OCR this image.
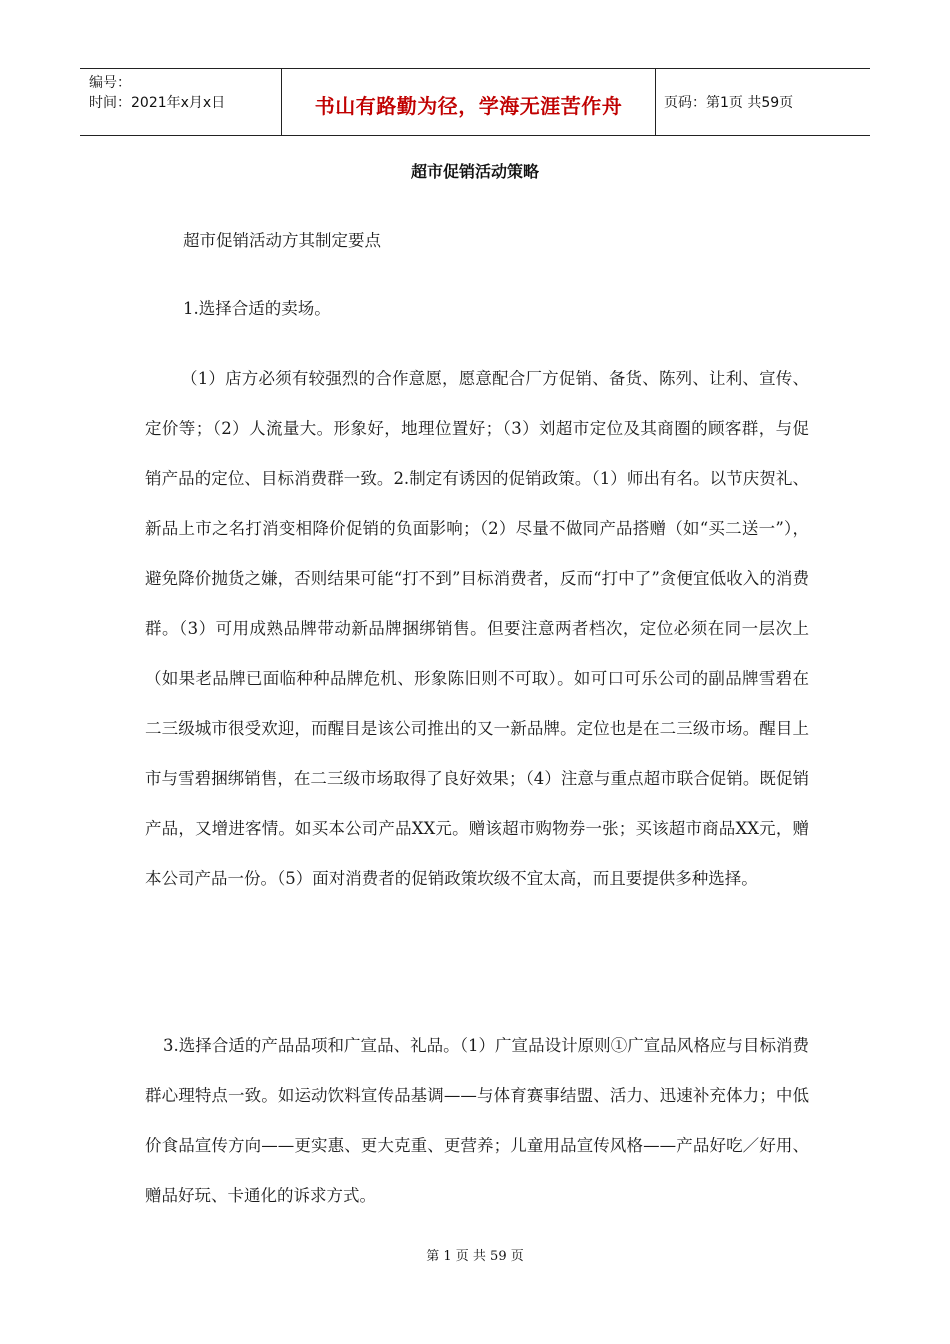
编号：
时间：2021年x月x日	书山有路勤为径，学海无涯苦作舟	页码：第1页 共59页
超市促销活动策略

超市促销活动方其制定要点

1.选择合适的卖场。

（1）店方必须有较强烈的合作意愿，愿意配合厂方促销、备货、陈列、让利、宣传、定价等；（2）人流量大。形象好，地理位置好；（3）刘超市定位及其商圈的顾客群，与促销产品的定位、目标消费群一致。2.制定有诱因的促销政策。（1）师出有名。以节庆贺礼、新品上市之名打消变相降价促销的负面影响；（2）尽量不做同产品搭赠（如“买二送一”），避免降价抛货之嫌，否则结果可能“打不到”目标消费者，反而“打中了”贪便宜低收入的消费群。（3）可用成熟品牌带动新品牌捆绑销售。但要注意两者档次，定位必须在同一层次上（如果老品牌已面临种种品牌危机、形象陈旧则不可取）。如可口可乐公司的副品牌雪碧在二三级城市很受欢迎，而醒目是该公司推出的又一新品牌。定位也是在二三级市场。醒目上市与雪碧捆绑销售，在二三级市场取得了良好效果；（4）注意与重点超市联合促销。既促销产品，又增进客情。如买本公司产品XX元。赠该超市购物券一张；买该超市商品XX元，赠本公司产品一份。（5）面对消费者的促销政策坎级不宜太高，而且要提供多种选择。

3.选择合适的产品品项和广宣品、礼品。（1）广宣品设计原则①广宣品风格应与目标消费群心理特点一致。如运动饮料宣传品基调——与体育赛事结盟、活力、迅速补充体力；中低价食品宣传方向——更实惠、更大克重、更营养；儿童用品宣传风格——产品好吃／好用、赠品好玩、卡通化的诉求方式。

第 1 页 共 59 页
